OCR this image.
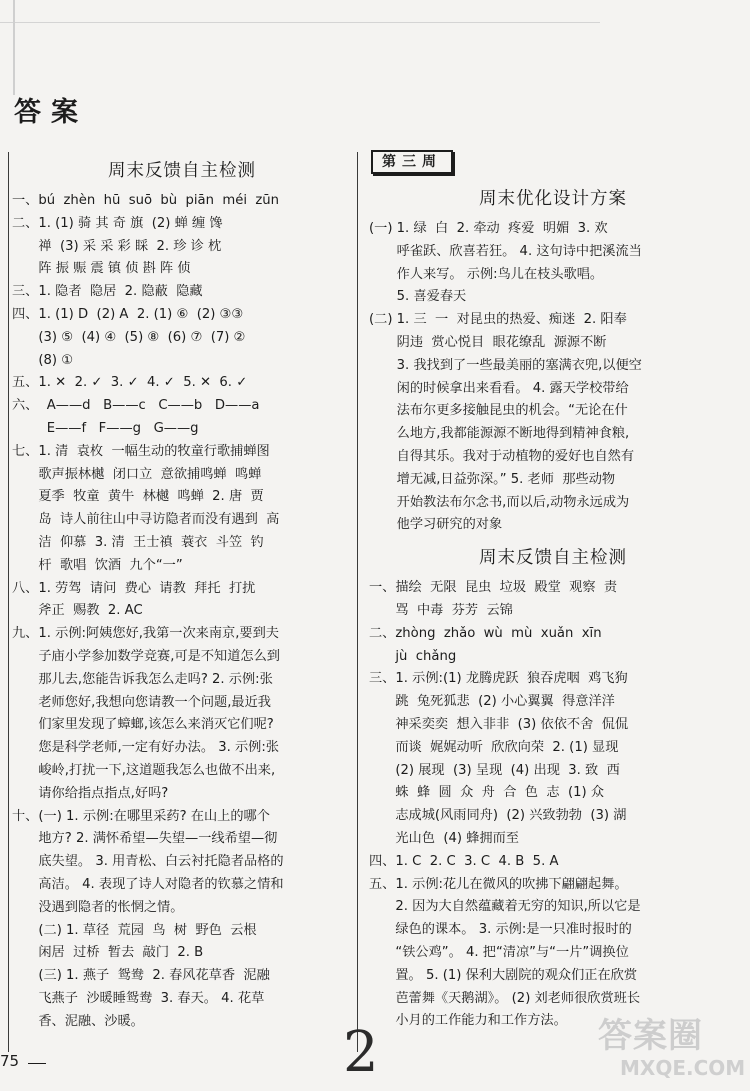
答案
周末反馈自主检测
一、 bú  zhèn  hū  suō  bù  piān  méi  zūn
二、 1. (1) 骑 其 奇 旗  (2) 蝉 缠 馋
禅  (3) 采 采 彩 睬  2. 珍 诊 枕
阵 振 赈 震 镇 侦 斟 阵 侦
三、 1. 隐者  隐居  2. 隐蔽  隐藏
四、 1. (1) D  (2) A  2. (1) ⑥  (2) ③③
(3) ⑤  (4) ④  (5) ⑧  (6) ⑦  (7) ②
(8) ①
五、 1. ✕  2. ✓  3. ✓  4. ✓  5. ✕  6. ✓
六、 A——d   B——c   C——b   D——a
E——f   F——g   G——g
七、 1. 清  袁枚  一幅生动的牧童行歌捕蝉图
歌声振林樾  闭口立  意欲捕鸣蝉  鸣蝉
夏季  牧童  黄牛  林樾  鸣蝉  2. 唐  贾
岛  诗人前往山中寻访隐者而没有遇到  高
洁  仰慕  3. 清  王士禛  蓑衣  斗笠  钓
杆  歌唱  饮酒  九个“一”
八、 1. 劳驾  请问  费心  请教  拜托  打扰
斧正  赐教  2. AC
九、 1. 示例:阿姨您好,我第一次来南京,要到夫
子庙小学参加数学竞赛,可是不知道怎么到
那儿去,您能告诉我怎么走吗? 2. 示例:张
老师您好,我想向您请教一个问题,最近我
们家里发现了蟑螂,该怎么来消灭它们呢?
您是科学老师,一定有好办法。 3. 示例:张
峻岭,打扰一下,这道题我怎么也做不出来,
请你给指点指点,好吗?
十、 (一) 1. 示例:在哪里采药? 在山上的哪个
地方? 2. 满怀希望—失望—一线希望—彻
底失望。 3. 用青松、白云衬托隐者品格的
高洁。 4. 表现了诗人对隐者的钦慕之情和
没遇到隐者的怅惘之情。
(二) 1. 草径  荒园  鸟  树  野色  云根
闲居  过桥  暂去  敲门  2. B
(三) 1. 燕子  鸳鸯  2. 春风花草香  泥融
飞燕子  沙暖睡鸳鸯  3. 春天。 4. 花草
香、泥融、沙暖。
第三周
周末优化设计方案
(一) 1. 绿  白  2. 牵动  疼爱  明媚  3. 欢
呼雀跃、欣喜若狂。 4. 这句诗中把溪流当
作人来写。 示例:鸟儿在枝头歌唱。
5. 喜爱春天
(二) 1. 三  一  对昆虫的热爱、痴迷  2. 阳奉
阴违  赏心悦目  眼花缭乱  源源不断
3. 我找到了一些最美丽的塞满衣兜,以便空
闲的时候拿出来看看。 4. 露天学校带给
法布尔更多接触昆虫的机会。“无论在什
么地方,我都能源源不断地得到精神食粮,
自得其乐。我对于动植物的爱好也自然有
增无减,日益弥深。” 5. 老师  那些动物
开始教法布尔念书,而以后,动物永远成为
他学习研究的对象
周末反馈自主检测
一、 描绘  无限  昆虫  垃圾  殿堂  观察  责
骂  中毒  芬芳  云锦
二、 zhòng  zhǎo  wù  mù  xuǎn  xīn
jù  chǎng
三、 1. 示例:(1) 龙腾虎跃  狼吞虎咽  鸡飞狗
跳  兔死狐悲  (2) 小心翼翼  得意洋洋
神采奕奕  想入非非  (3) 依依不舍  侃侃
而谈  娓娓动听  欣欣向荣  2. (1) 显现
(2) 展现  (3) 呈现  (4) 出现  3. 致  西
蛛  蜂  圆  众  舟  合  色  志  (1) 众
志成城(风雨同舟)  (2) 兴致勃勃  (3) 湖
光山色  (4) 蜂拥而至
四、 1. C  2. C  3. C  4. B  5. A
五、 1. 示例:花儿在微风的吹拂下翩翩起舞。
2. 因为大自然蕴藏着无穷的知识,所以它是
绿色的课本。 3. 示例:是一只准时报时的
“铁公鸡”。 4. 把“清凉”与“一片”调换位
置。 5. (1) 保利大剧院的观众们正在欣赏
芭蕾舞《天鹅湖》。 (2) 刘老师很欣赏班长
小月的工作能力和工作方法。
75	2	答案圈
MXQE.COM
